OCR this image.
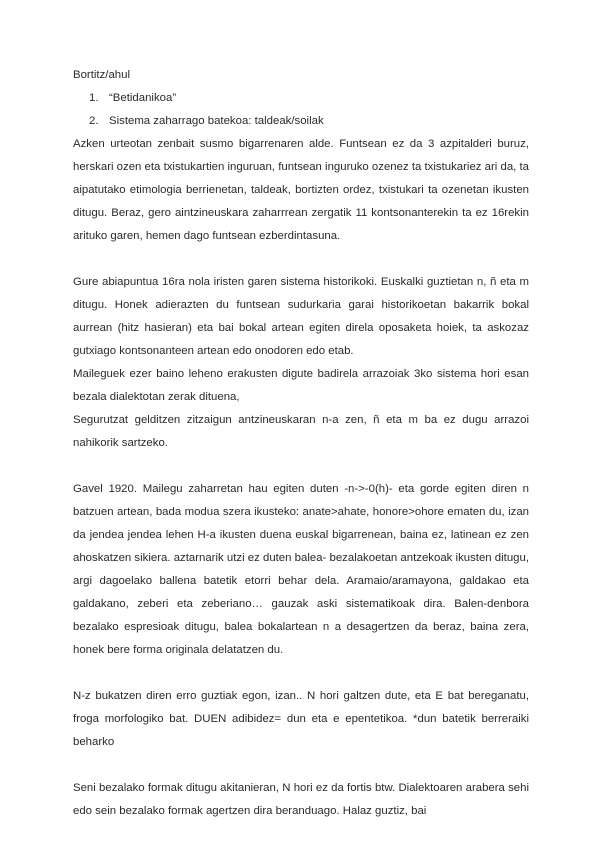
Bortitz/ahul
1. “Betidanikoa”
2. Sistema zaharrago batekoa: taldeak/soilak

Azken urteotan zenbait susmo bigarrenaren alde. Funtsean ez da 3 azpitalderi buruz, herskari ozen eta txistukartien inguruan, funtsean inguruko ozenez ta txistukariez ari da, ta aipatutako etimologia berrienetan, taldeak, bortizten ordez, txistukari ta ozenetan ikusten ditugu. Beraz, gero aintzineuskara zaharrrean zergatik 11 kontsonanterekin ta ez 16rekin arituko garen, hemen dago funtsean ezberdintasuna.

Gure abiapuntua 16ra nola iristen garen sistema historikoki. Euskalki guztietan n, ñ eta m ditugu. Honek adierazten du funtsean sudurkaria garai historikoetan bakarrik bokal aurrean (hitz hasieran) eta bai bokal artean egiten direla oposaketa hoiek, ta askozaz gutxiago kontsonanteen artean edo onodoren edo etab.

Maileguek ezer baino leheno erakusten digute badirela arrazoiak 3ko sistema hori esan bezala dialektotan zerak dituena,

Segurutzat gelditzen zitzaigun antzineuskaran n-a zen, ñ eta m ba ez dugu arrazoi nahikorik sartzeko.

Gavel 1920. Mailegu zaharretan hau egiten duten -n->-0(h)- eta gorde egiten diren n batzuen artean, bada modua szera ikusteko: anate>ahate, honore>ohore ematen du, izan da jendea jendea lehen H-a ikusten duena euskal bigarrenean, baina ez, latinean ez zen ahoskatzen sikiera. aztarnarik utzi ez duten balea- bezalakoetan antzekoak ikusten ditugu, argi dagoelako ballena batetik etorri behar dela. Aramaio/aramayona, galdakao eta galdakano, zeberi eta zeberiano… gauzak aski sistematikoak dira. Balen-denbora bezalako espresioak ditugu, balea bokalartean n a desagertzen da beraz, baina zera, honek bere forma originala delatatzen du.

N-z bukatzen diren erro guztiak egon, izan.. N hori galtzen dute, eta E bat bereganatu, froga morfologiko bat. DUEN adibidez= dun eta e epentetikoa. *dun batetik berreraiki beharko

Seni bezalako formak ditugu akitanieran, N hori ez da fortis btw. Dialektoaren arabera sehi edo sein bezalako formak agertzen dira beranduago. Halaz guztiz, bai
